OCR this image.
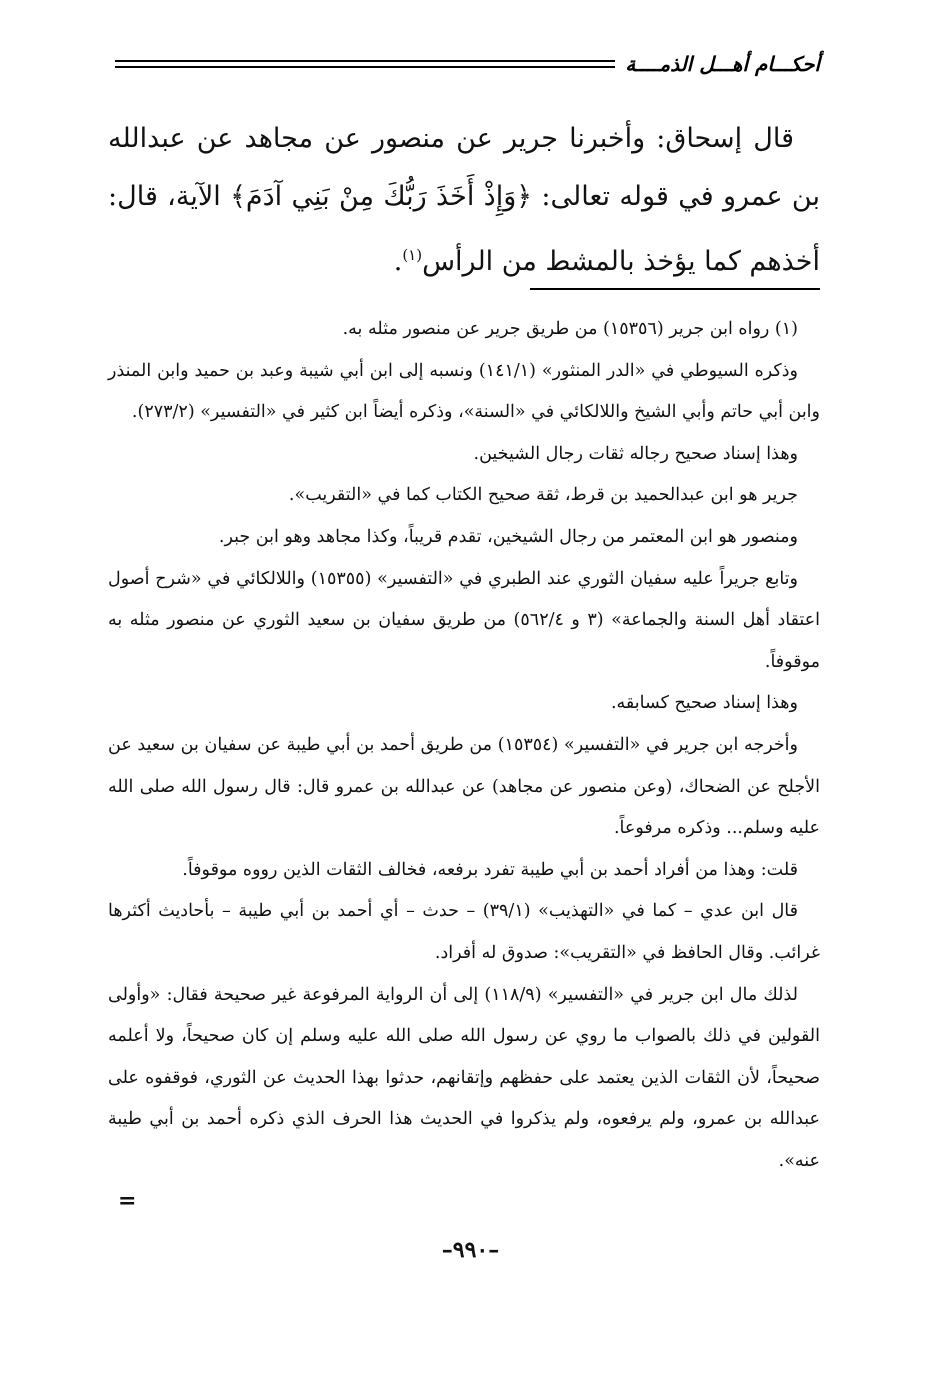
أحكـــام أهـــل الذمــــة

قال إسحاق: وأخبرنا جرير عن منصور عن مجاهد عن عبدالله بن عمرو في قوله تعالى: ﴿وَإِذْ أَخَذَ رَبُّكَ مِنْ بَنِي آدَمَ﴾ الآية، قال: أخذهم كما يؤخذ بالمشط من الرأس$^{(١)}$.

(١) رواه ابن جرير (١٥٣٥٦) من طريق جرير عن منصور مثله به.

وذكره السيوطي في «الدر المنثور» (١٤١/١) ونسبه إلى ابن أبي شيبة وعبد بن حميد وابن المنذر وابن أبي حاتم وأبي الشيخ واللالكائي في «السنة»، وذكره أيضاً ابن كثير في «التفسير» (٢٧٣/٢).

وهذا إسناد صحيح رجاله ثقات رجال الشيخين.

جرير هو ابن عبدالحميد بن قرط، ثقة صحيح الكتاب كما في «التقريب».

ومنصور هو ابن المعتمر من رجال الشيخين، تقدم قريباً، وكذا مجاهد وهو ابن جبر.

وتابع جريراً عليه سفيان الثوري عند الطبري في «التفسير» (١٥٣٥٥) واللالكائي في «شرح أصول اعتقاد أهل السنة والجماعة» (٣ و ٥٦٢/٤) من طريق سفيان بن سعيد الثوري عن منصور مثله به موقوفاً.

وهذا إسناد صحيح كسابقه.

وأخرجه ابن جرير في «التفسير» (١٥٣٥٤) من طريق أحمد بن أبي طيبة عن سفيان بن سعيد عن الأجلح عن الضحاك، (وعن منصور عن مجاهد) عن عبدالله بن عمرو قال: قال رسول الله صلى الله عليه وسلم... وذكره مرفوعاً.

قلت: وهذا من أفراد أحمد بن أبي طيبة تفرد برفعه، فخالف الثقات الذين رووه موقوفاً.

قال ابن عدي – كما في «التهذيب» (٣٩/١) – حدث – أي أحمد بن أبي طيبة – بأحاديث أكثرها غرائب. وقال الحافظ في «التقريب»: صدوق له أفراد.

لذلك مال ابن جرير في «التفسير» (١١٨/٩) إلى أن الرواية المرفوعة غير صحيحة فقال: «وأولى القولين في ذلك بالصواب ما روي عن رسول الله صلى الله عليه وسلم إن كان صحيحاً، ولا أعلمه صحيحاً، لأن الثقات الذين يعتمد على حفظهم وإتقانهم، حدثوا بهذا الحديث عن الثوري، فوقفوه على عبدالله بن عمرو، ولم يرفعوه، ولم يذكروا في الحديث هذا الحرف الذي ذكره أحمد بن أبي طيبة عنه».

=
–٩٩٠–
